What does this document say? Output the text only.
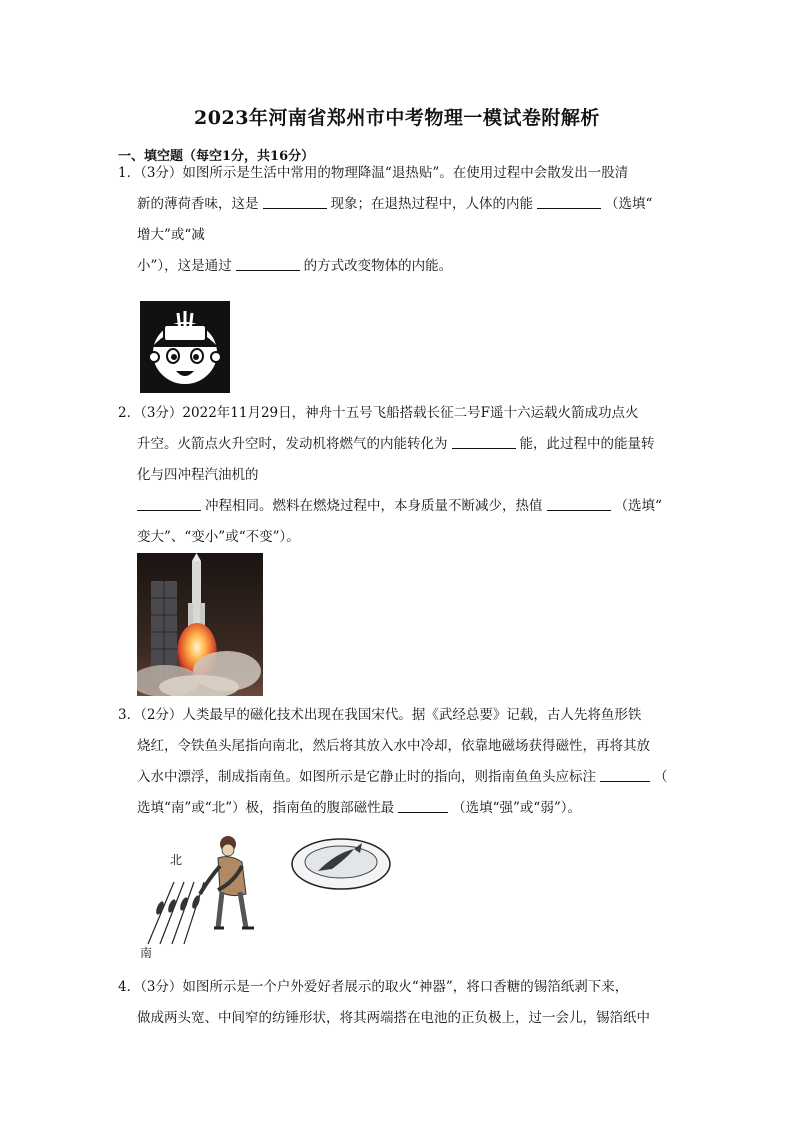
2023年河南省郑州市中考物理一模试卷附解析
一、填空题（每空1分，共16分）
1．（3分）如图所示是生活中常用的物理降温“退热贴”。在使用过程中会散发出一股清
新的薄荷香味，这是	现象；在退热过程中，人体的内能	（选填“
增大”或“减
小”），这是通过	的方式改变物体的内能。
2．（3分）2022年11月29日，神舟十五号飞船搭载长征二号F遥十六运载火箭成功点火
升空。火箭点火升空时，发动机将燃气的内能转化为	能，此过程中的能量转
化与四冲程汽油机的
冲程相同。燃料在燃烧过程中，本身质量不断减少，热值	（选填“
变大”、“变小”或“不变”）。
3．（2分）人类最早的磁化技术出现在我国宋代。据《武经总要》记载，古人先将鱼形铁
烧红，令铁鱼头尾指向南北，然后将其放入水中冷却，依靠地磁场获得磁性，再将其放
入水中漂浮，制成指南鱼。如图所示是它静止时的指向，则指南鱼鱼头应标注	（
选填“南”或“北”）极，指南鱼的腹部磁性最	（选填“强”或“弱”）。
北
南
4．（3分）如图所示是一个户外爱好者展示的取火“神器”，将口香糖的锡箔纸剥下来，
做成两头宽、中间窄的纺锤形状，将其两端搭在电池的正负极上，过一会儿，锡箔纸中
